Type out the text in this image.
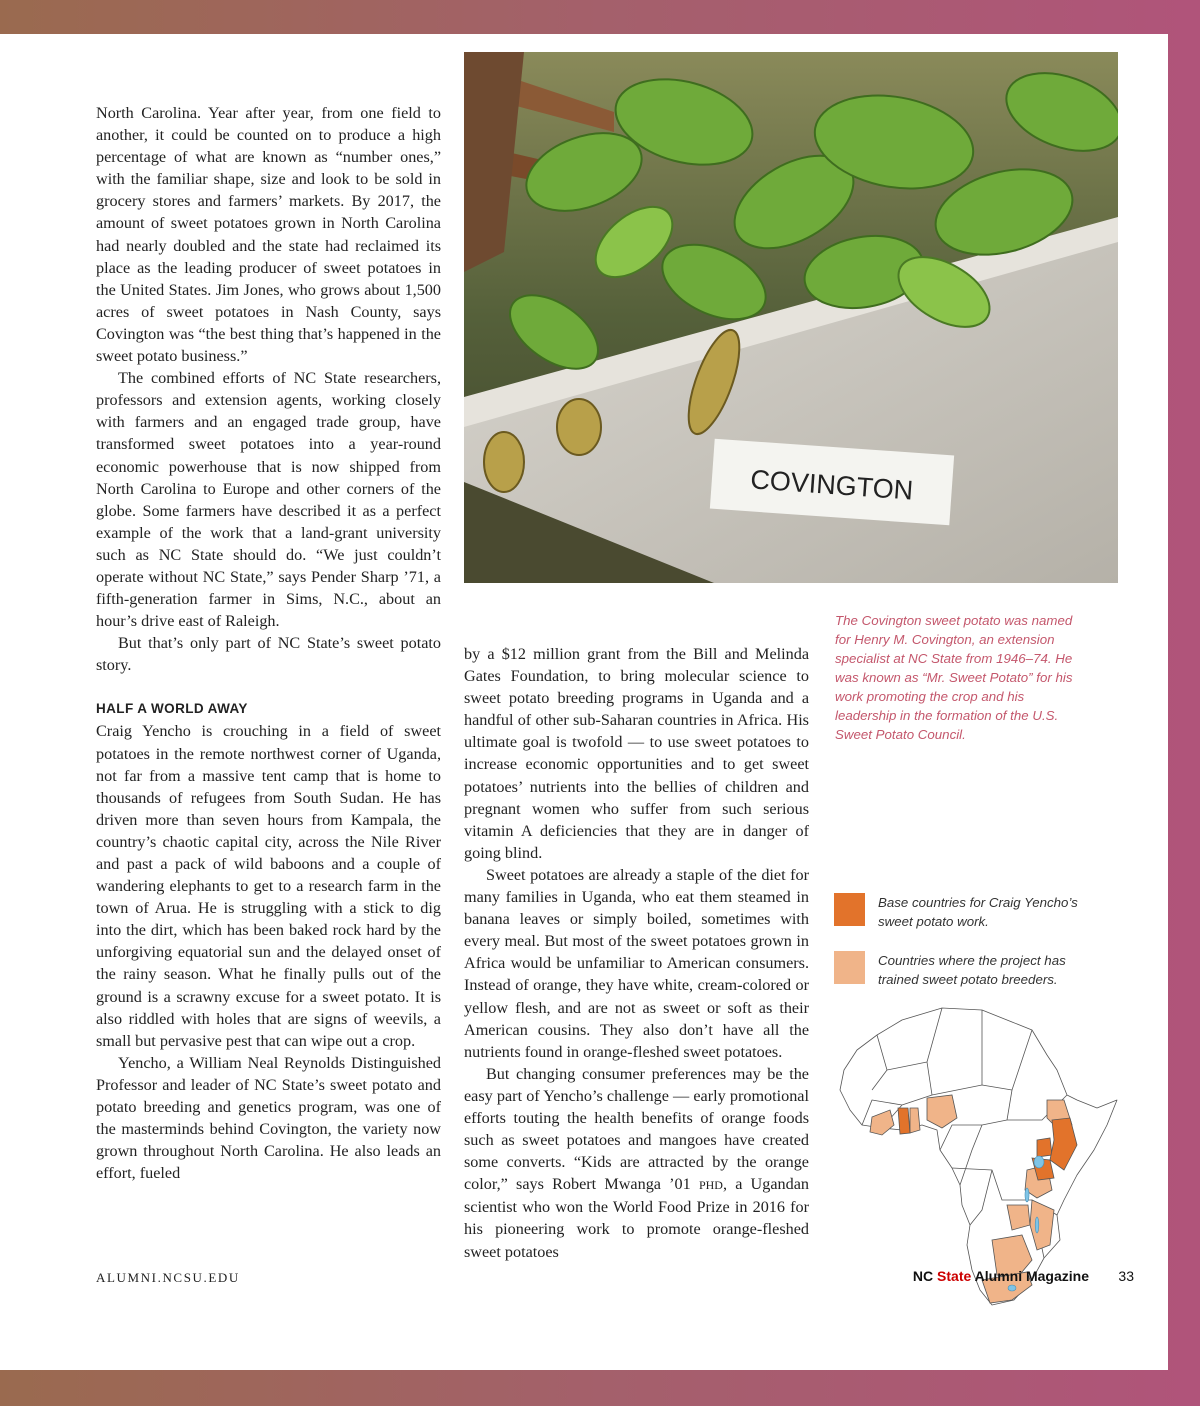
North Carolina. Year after year, from one field to another, it could be counted on to produce a high percentage of what are known as “number ones,” with the familiar shape, size and look to be sold in grocery stores and farmers’ markets. By 2017, the amount of sweet potatoes grown in North Carolina had nearly doubled and the state had reclaimed its place as the leading producer of sweet potatoes in the United States. Jim Jones, who grows about 1,500 acres of sweet potatoes in Nash County, says Covington was “the best thing that’s happened in the sweet potato business.”

The combined efforts of NC State researchers, professors and extension agents, working closely with farmers and an engaged trade group, have transformed sweet potatoes into a year-round economic powerhouse that is now shipped from North Carolina to Europe and other corners of the globe. Some farmers have described it as a perfect example of the work that a land-grant university such as NC State should do. “We just couldn’t operate without NC State,” says Pender Sharp ’71, a fifth-generation farmer in Sims, N.C., about an hour’s drive east of Raleigh.

But that’s only part of NC State’s sweet potato story.

HALF A WORLD AWAY

Craig Yencho is crouching in a field of sweet potatoes in the remote northwest corner of Uganda, not far from a massive tent camp that is home to thousands of refugees from South Sudan. He has driven more than seven hours from Kampala, the country’s chaotic capital city, across the Nile River and past a pack of wild baboons and a couple of wandering elephants to get to a research farm in the town of Arua. He is struggling with a stick to dig into the dirt, which has been baked rock hard by the unforgiving equatorial sun and the delayed onset of the rainy season. What he finally pulls out of the ground is a scrawny excuse for a sweet potato. It is also riddled with holes that are signs of weevils, a small but pervasive pest that can wipe out a crop.

Yencho, a William Neal Reynolds Distinguished Professor and leader of NC State’s sweet potato and potato breeding and genetics program, was one of the masterminds behind Covington, the variety now grown throughout North Carolina. He also leads an effort, fueled

COVINGTON

by a $12 million grant from the Bill and Melinda Gates Foundation, to bring molecular science to sweet potato breeding programs in Uganda and a handful of other sub-Saharan countries in Africa. His ultimate goal is twofold — to use sweet potatoes to increase economic opportunities and to get sweet potatoes’ nutrients into the bellies of children and pregnant women who suffer from such serious vitamin A deficiencies that they are in danger of going blind.

Sweet potatoes are already a staple of the diet for many families in Uganda, who eat them steamed in banana leaves or simply boiled, sometimes with every meal. But most of the sweet potatoes grown in Africa would be unfamiliar to American consumers. Instead of orange, they have white, cream-colored or yellow flesh, and are not as sweet or soft as their American cousins. They also don’t have all the nutrients found in orange-fleshed sweet potatoes.

But changing consumer preferences may be the easy part of Yencho’s challenge — early promotional efforts touting the health benefits of orange foods such as sweet potatoes and mangoes have created some converts. “Kids are attracted by the orange color,” says Robert Mwanga ’01 PHD, a Ugandan scientist who won the World Food Prize in 2016 for his pioneering work to promote orange-fleshed sweet potatoes

The Covington sweet potato was named for Henry M. Covington, an extension specialist at NC State from 1946–74. He was known as “Mr. Sweet Potato” for his work promoting the crop and his leadership in the formation of the U.S. Sweet Potato Council.
Base countries for Craig Yencho’s sweet potato work.
Countries where the project has trained sweet potato breeders.
ALUMNI.NCSU.EDU	NC State Alumni Magazine 33
